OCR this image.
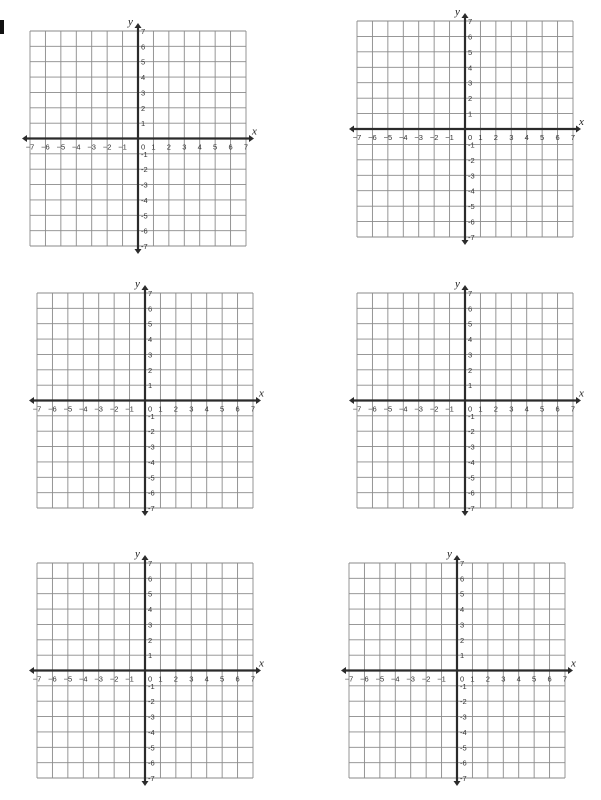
x
y
−7 −6 −5 −4 −3 −2 −1	1 2 3 4 5 6 7
7
6
5
4
3
2
1
-1
-2
-3
-4
-5
-6
-7
0
x
y
−7 −6 −5 −4 −3 −2 −1	1 2 3 4 5 6 7
7
6
5
4
3
2
1
-1
-2
-3
-4
-5
-6
-7
0
x
y
−7 −6 −5 −4 −3 −2 −1	1 2 3 4 5 6 7
7
6
5
4
3
2
1
-1
-2
-3
-4
-5
-6
-7
0
x
y
−7 −6 −5 −4 −3 −2 −1	1 2 3 4 5 6 7
7
6
5
4
3
2
1
-1
-2
-3
-4
-5
-6
-7
0
x
y
−7 −6 −5 −4 −3 −2 −1	1 2 3 4 5 6 7
7
6
5
4
3
2
1
-1
-2
-3
-4
-5
-6
-7
0
x
y
−7 −6 −5 −4 −3 −2 −1	1 2 3 4 5 6 7
7
6
5
4
3
2
1
-1
-2
-3
-4
-5
-6
-7
0
